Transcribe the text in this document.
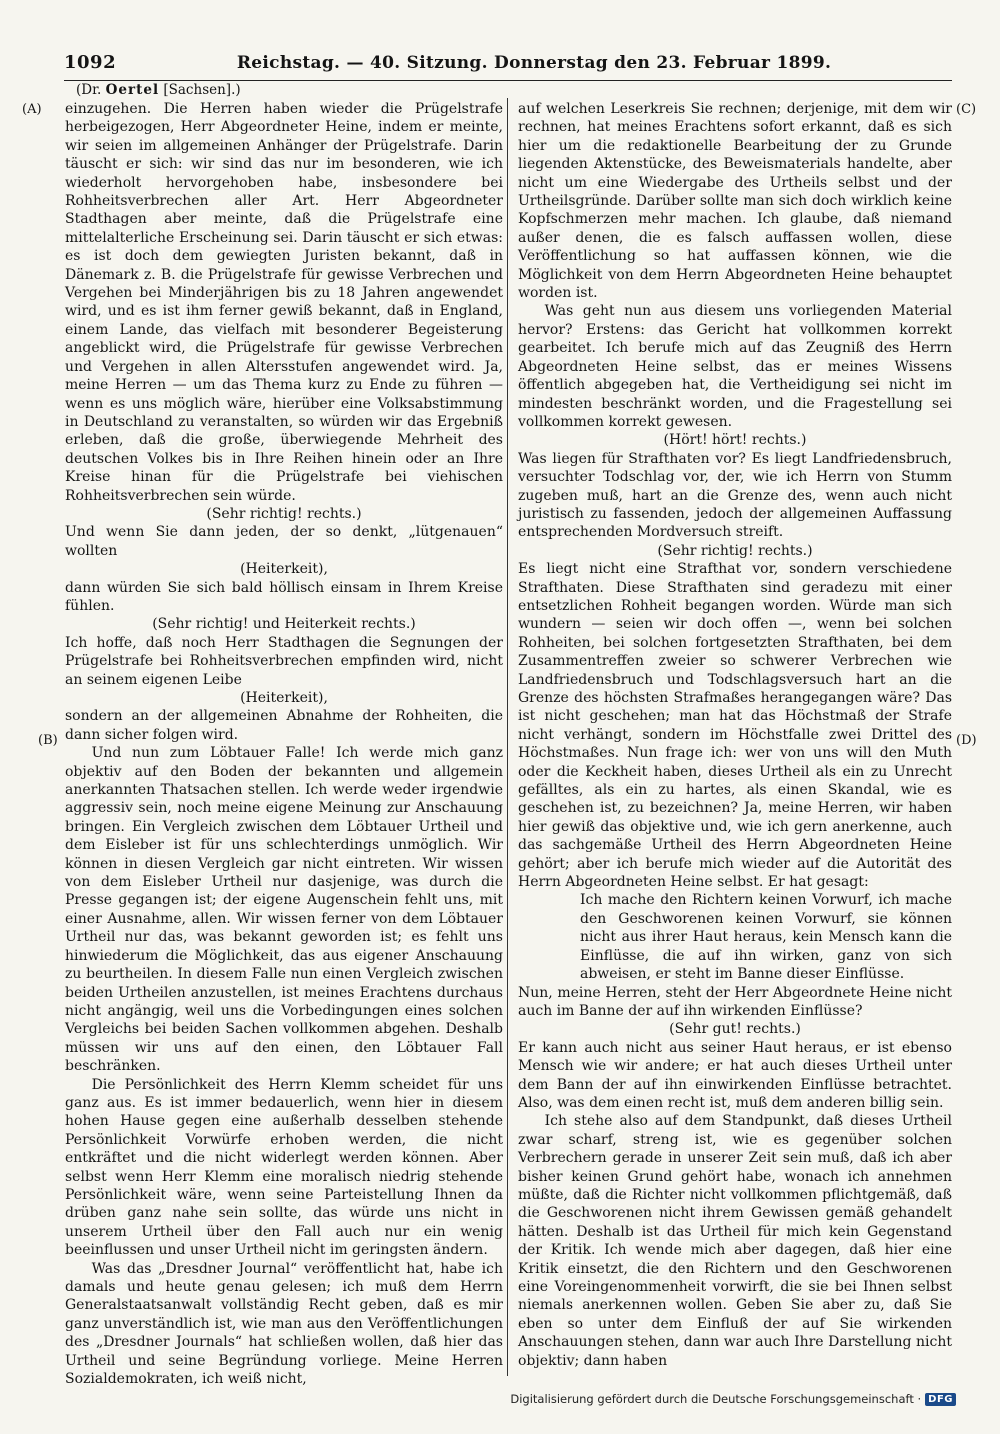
1092	Reichstag. — 40. Sitzung. Donnerstag den 23. Februar 1899.
(Dr. Oertel [Sachsen].)
(A)
(B)
(C)
(D)

einzugehen. Die Herren haben wieder die Prügelstrafe herbeigezogen, Herr Abgeordneter Heine, indem er meinte, wir seien im allgemeinen Anhänger der Prügelstrafe. Darin täuscht er sich: wir sind das nur im besonderen, wie ich wiederholt hervorgehoben habe, insbesondere bei Rohheitsverbrechen aller Art. Herr Abgeordneter Stadthagen aber meinte, daß die Prügelstrafe eine mittelalterliche Erscheinung sei. Darin täuscht er sich etwas: es ist doch dem gewiegten Juristen bekannt, daß in Dänemark z. B. die Prügelstrafe für gewisse Verbrechen und Vergehen bei Minderjährigen bis zu 18 Jahren angewendet wird, und es ist ihm ferner gewiß bekannt, daß in England, einem Lande, das vielfach mit besonderer Begeisterung angeblickt wird, die Prügelstrafe für gewisse Verbrechen und Vergehen in allen Altersstufen angewendet wird. Ja, meine Herren — um das Thema kurz zu Ende zu führen — wenn es uns möglich wäre, hierüber eine Volksabstimmung in Deutschland zu veranstalten, so würden wir das Ergebniß erleben, daß die große, überwiegende Mehrheit des deutschen Volkes bis in Ihre Reihen hinein oder an Ihre Kreise hinan für die Prügelstrafe bei viehischen Rohheitsverbrechen sein würde.

(Sehr richtig! rechts.)

Und wenn Sie dann jeden, der so denkt, „lütgenauen“ wollten

(Heiterkeit),

dann würden Sie sich bald höllisch einsam in Ihrem Kreise fühlen.

(Sehr richtig! und Heiterkeit rechts.)

Ich hoffe, daß noch Herr Stadthagen die Segnungen der Prügelstrafe bei Rohheitsverbrechen empfinden wird, nicht an seinem eigenen Leibe

(Heiterkeit),

sondern an der allgemeinen Abnahme der Rohheiten, die dann sicher folgen wird.

Und nun zum Löbtauer Falle! Ich werde mich ganz objektiv auf den Boden der bekannten und allgemein anerkannten Thatsachen stellen. Ich werde weder irgendwie aggressiv sein, noch meine eigene Meinung zur Anschauung bringen. Ein Vergleich zwischen dem Löbtauer Urtheil und dem Eisleber ist für uns schlechterdings unmöglich. Wir können in diesen Vergleich gar nicht eintreten. Wir wissen von dem Eisleber Urtheil nur dasjenige, was durch die Presse gegangen ist; der eigene Augenschein fehlt uns, mit einer Ausnahme, allen. Wir wissen ferner von dem Löbtauer Urtheil nur das, was bekannt geworden ist; es fehlt uns hinwiederum die Möglichkeit, das aus eigener Anschauung zu beurtheilen. In diesem Falle nun einen Vergleich zwischen beiden Urtheilen anzustellen, ist meines Erachtens durchaus nicht angängig, weil uns die Vorbedingungen eines solchen Vergleichs bei beiden Sachen vollkommen abgehen. Deshalb müssen wir uns auf den einen, den Löbtauer Fall beschränken.

Die Persönlichkeit des Herrn Klemm scheidet für uns ganz aus. Es ist immer bedauerlich, wenn hier in diesem hohen Hause gegen eine außerhalb desselben stehende Persönlichkeit Vorwürfe erhoben werden, die nicht entkräftet und die nicht widerlegt werden können. Aber selbst wenn Herr Klemm eine moralisch niedrig stehende Persönlichkeit wäre, wenn seine Parteistellung Ihnen da drüben ganz nahe sein sollte, das würde uns nicht in unserem Urtheil über den Fall auch nur ein wenig beeinflussen und unser Urtheil nicht im geringsten ändern.

Was das „Dresdner Journal“ veröffentlicht hat, habe ich damals und heute genau gelesen; ich muß dem Herrn Generalstaatsanwalt vollständig Recht geben, daß es mir ganz unverständlich ist, wie man aus den Veröffentlichungen des „Dresdner Journals“ hat schließen wollen, daß hier das Urtheil und seine Begründung vorliege. Meine Herren Sozialdemokraten, ich weiß nicht,

auf welchen Leserkreis Sie rechnen; derjenige, mit dem wir rechnen, hat meines Erachtens sofort erkannt, daß es sich hier um die redaktionelle Bearbeitung der zu Grunde liegenden Aktenstücke, des Beweismaterials handelte, aber nicht um eine Wiedergabe des Urtheils selbst und der Urtheilsgründe. Darüber sollte man sich doch wirklich keine Kopfschmerzen mehr machen. Ich glaube, daß niemand außer denen, die es falsch auffassen wollen, diese Veröffentlichung so hat auffassen können, wie die Möglichkeit von dem Herrn Abgeordneten Heine behauptet worden ist.

Was geht nun aus diesem uns vorliegenden Material hervor? Erstens: das Gericht hat vollkommen korrekt gearbeitet. Ich berufe mich auf das Zeugniß des Herrn Abgeordneten Heine selbst, das er meines Wissens öffentlich abgegeben hat, die Vertheidigung sei nicht im mindesten beschränkt worden, und die Fragestellung sei vollkommen korrekt gewesen.

(Hört! hört! rechts.)

Was liegen für Strafthaten vor? Es liegt Landfriedensbruch, versuchter Todschlag vor, der, wie ich Herrn von Stumm zugeben muß, hart an die Grenze des, wenn auch nicht juristisch zu fassenden, jedoch der allgemeinen Auffassung entsprechenden Mordversuch streift.

(Sehr richtig! rechts.)

Es liegt nicht eine Strafthat vor, sondern verschiedene Strafthaten. Diese Strafthaten sind geradezu mit einer entsetzlichen Rohheit begangen worden. Würde man sich wundern — seien wir doch offen —, wenn bei solchen Rohheiten, bei solchen fortgesetzten Strafthaten, bei dem Zusammentreffen zweier so schwerer Verbrechen wie Landfriedensbruch und Todschlagsversuch hart an die Grenze des höchsten Strafmaßes herangegangen wäre? Das ist nicht geschehen; man hat das Höchstmaß der Strafe nicht verhängt, sondern im Höchstfalle zwei Drittel des Höchstmaßes. Nun frage ich: wer von uns will den Muth oder die Keckheit haben, dieses Urtheil als ein zu Unrecht gefälltes, als ein zu hartes, als einen Skandal, wie es geschehen ist, zu bezeichnen? Ja, meine Herren, wir haben hier gewiß das objektive und, wie ich gern anerkenne, auch das sachgemäße Urtheil des Herrn Abgeordneten Heine gehört; aber ich berufe mich wieder auf die Autorität des Herrn Abgeordneten Heine selbst. Er hat gesagt:

Ich mache den Richtern keinen Vorwurf, ich mache den Geschworenen keinen Vorwurf, sie können nicht aus ihrer Haut heraus, kein Mensch kann die Einflüsse, die auf ihn wirken, ganz von sich abweisen, er steht im Banne dieser Einflüsse.

Nun, meine Herren, steht der Herr Abgeordnete Heine nicht auch im Banne der auf ihn wirkenden Einflüsse?

(Sehr gut! rechts.)

Er kann auch nicht aus seiner Haut heraus, er ist ebenso Mensch wie wir andere; er hat auch dieses Urtheil unter dem Bann der auf ihn einwirkenden Einflüsse betrachtet. Also, was dem einen recht ist, muß dem anderen billig sein.

Ich stehe also auf dem Standpunkt, daß dieses Urtheil zwar scharf, streng ist, wie es gegenüber solchen Verbrechern gerade in unserer Zeit sein muß, daß ich aber bisher keinen Grund gehört habe, wonach ich annehmen müßte, daß die Richter nicht vollkommen pflichtgemäß, daß die Geschworenen nicht ihrem Gewissen gemäß gehandelt hätten. Deshalb ist das Urtheil für mich kein Gegenstand der Kritik. Ich wende mich aber dagegen, daß hier eine Kritik einsetzt, die den Richtern und den Geschworenen eine Voreingenommenheit vorwirft, die sie bei Ihnen selbst niemals anerkennen wollen. Geben Sie aber zu, daß Sie eben so unter dem Einfluß der auf Sie wirkenden Anschauungen stehen, dann war auch Ihre Darstellung nicht objektiv; dann haben

Digitalisierung gefördert durch die Deutsche Forschungsgemeinschaft · DFG
